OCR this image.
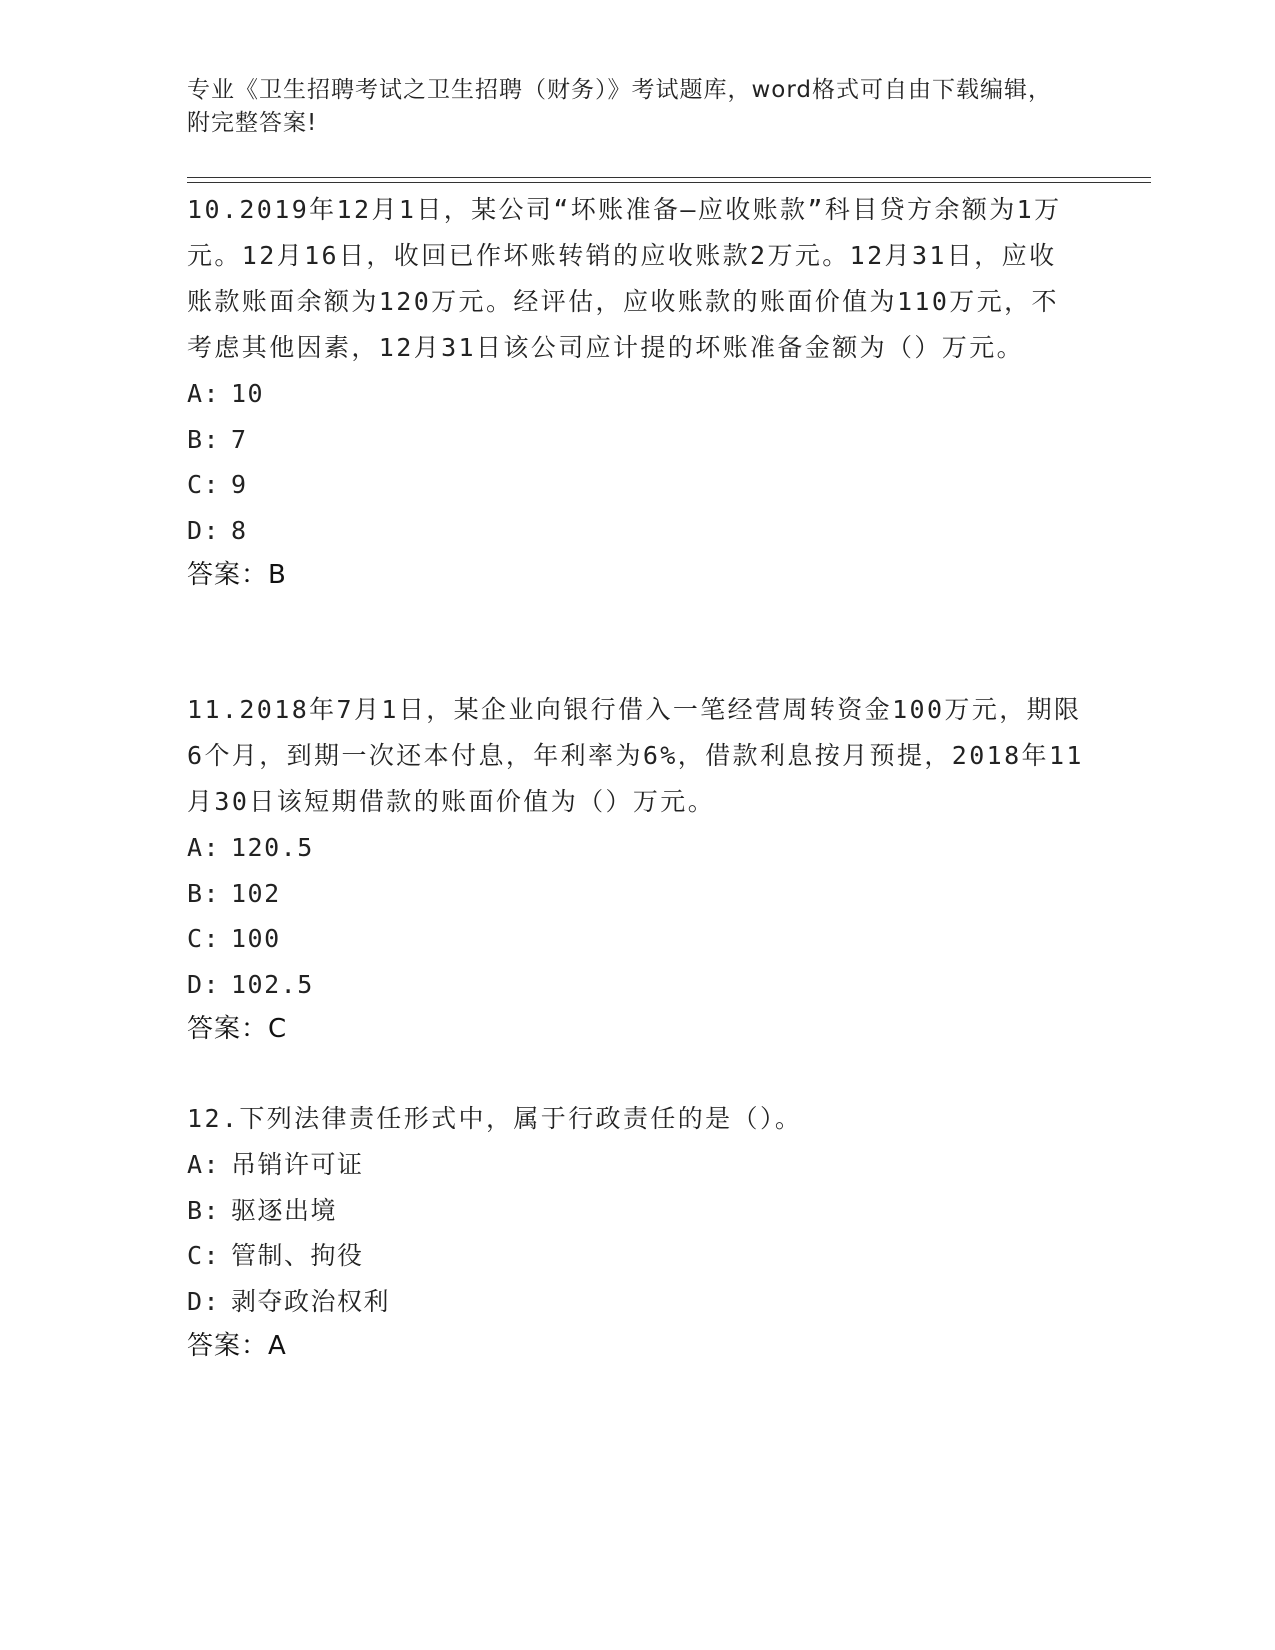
专业《卫生招聘考试之卫生招聘（财务）》考试题库，word格式可自由下载编辑，附完整答案!

10.2019年12月1日，某公司“坏账准备—应收账款”科目贷方余额为1万元。12月16日，收回已作坏账转销的应收账款2万元。12月31日，应收账款账面余额为120万元。经评估，应收账款的账面价值为110万元，不考虑其他因素，12月31日该公司应计提的坏账准备金额为（）万元。

A: 10
B: 7
C: 9
D: 8
答案：B

11.2018年7月1日，某企业向银行借入一笔经营周转资金100万元，期限6个月，到期一次还本付息，年利率为6%，借款利息按月预提，2018年11月30日该短期借款的账面价值为（）万元。

A: 120.5
B: 102
C: 100
D: 102.5
答案：C

12.下列法律责任形式中，属于行政责任的是（）。

A: 吊销许可证
B: 驱逐出境
C: 管制、拘役
D: 剥夺政治权利
答案：A
